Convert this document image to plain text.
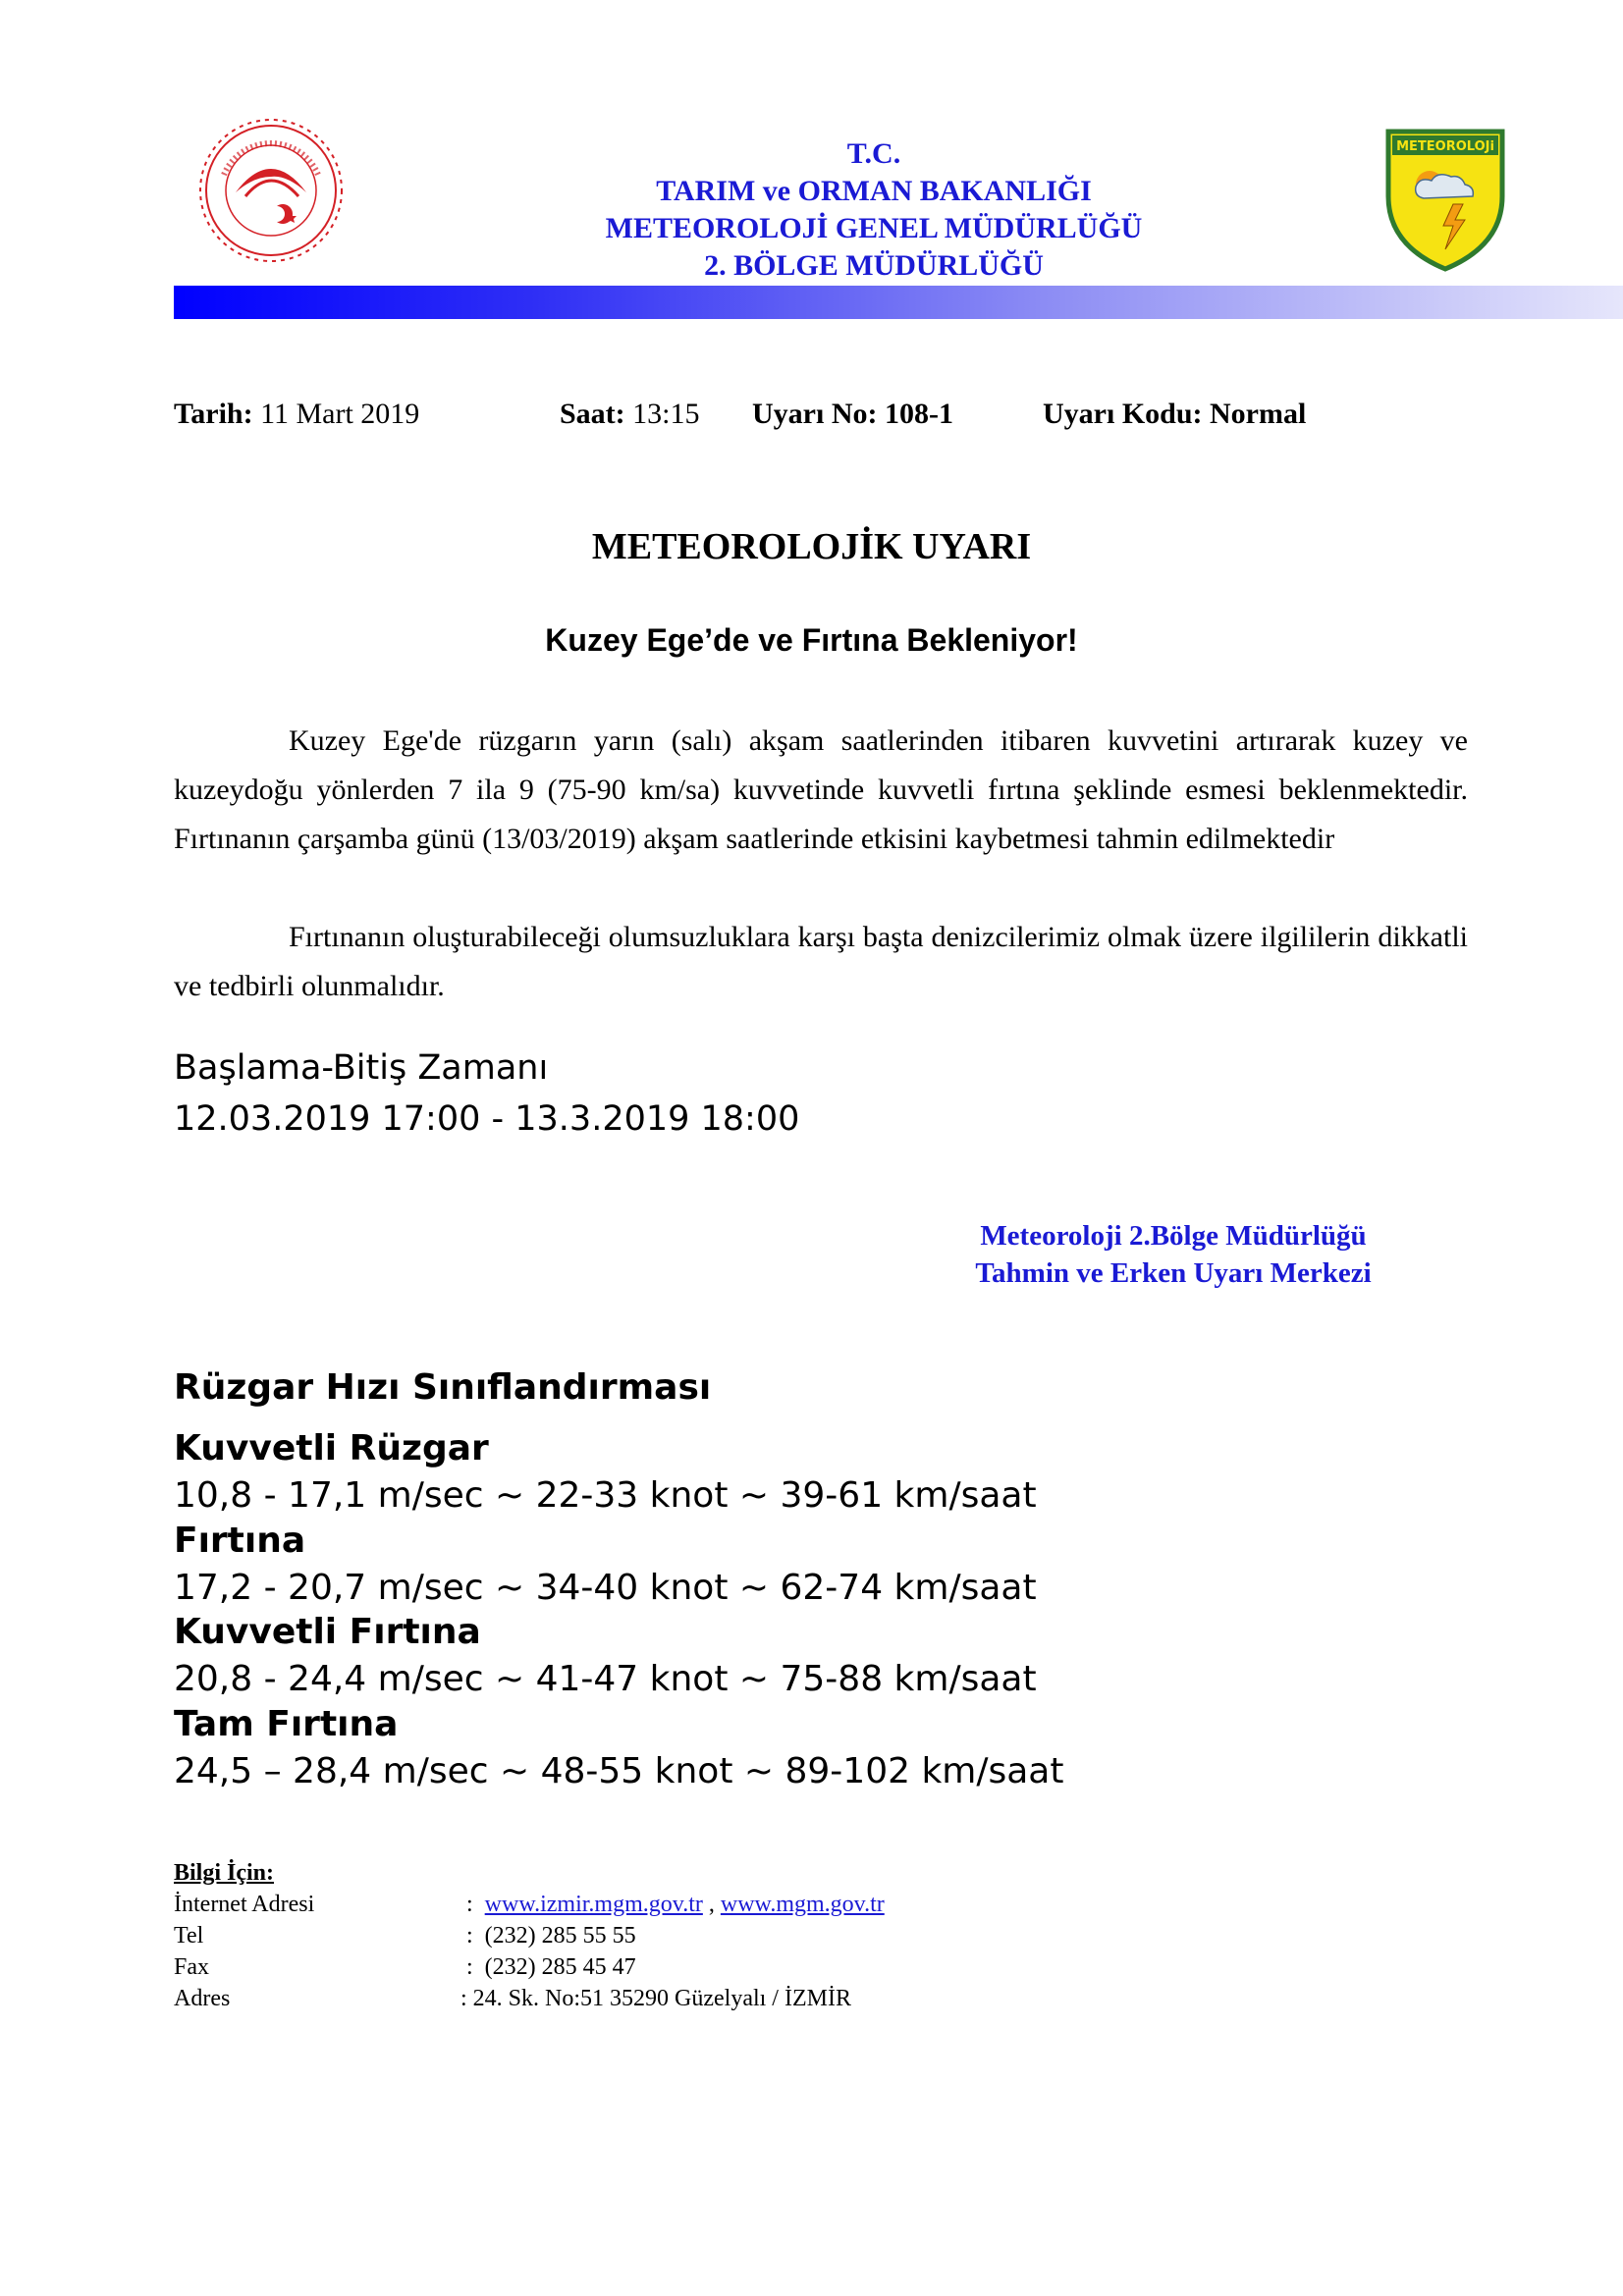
T.C.
TARIM ve ORMAN BAKANLIĞI
METEOROLOJİ GENEL MÜDÜRLÜĞÜ
2. BÖLGE MÜDÜRLÜĞÜ
METEOROLOJi
Tarih: 11 Mart 2019	Saat: 13:15 Uyarı No: 108-1	Uyarı Kodu: Normal
METEOROLOJİK UYARI
Kuzey Ege’de ve Fırtına Bekleniyor!
Kuzey Ege'de rüzgarın yarın (salı) akşam saatlerinden itibaren kuvvetini artırarak kuzey ve kuzeydoğu yönlerden 7 ila 9 (75-90 km/sa) kuvvetinde kuvvetli fırtına şeklinde esmesi beklenmektedir. Fırtınanın çarşamba günü (13/03/2019) akşam saatlerinde etkisini kaybetmesi tahmin edilmektedir
Fırtınanın oluşturabileceği olumsuzluklara karşı başta denizcilerimiz olmak üzere ilgililerin dikkatli ve tedbirli olunmalıdır.
Başlama-Bitiş Zamanı
12.03.2019 17:00 - 13.3.2019 18:00
Meteoroloji 2.Bölge Müdürlüğü
Tahmin ve Erken Uyarı Merkezi
Rüzgar Hızı Sınıflandırması
Kuvvetli Rüzgar
10,8 - 17,1 m/sec ~ 22-33 knot ~ 39-61 km/saat
Fırtına
17,2 - 20,7 m/sec ~ 34-40 knot ~ 62-74 km/saat
Kuvvetli Fırtına
20,8 - 24,4 m/sec ~ 41-47 knot ~ 75-88 km/saat
Tam Fırtına
24,5 – 28,4 m/sec ~ 48-55 knot ~ 89-102 km/saat
Bilgi İçin:
İnternet Adresi	: www.izmir.mgm.gov.tr , www.mgm.gov.tr
Tel	: (232) 285 55 55
Fax	: (232) 285 45 47
Adres	: 24. Sk. No:51 35290 Güzelyalı / İZMİR
